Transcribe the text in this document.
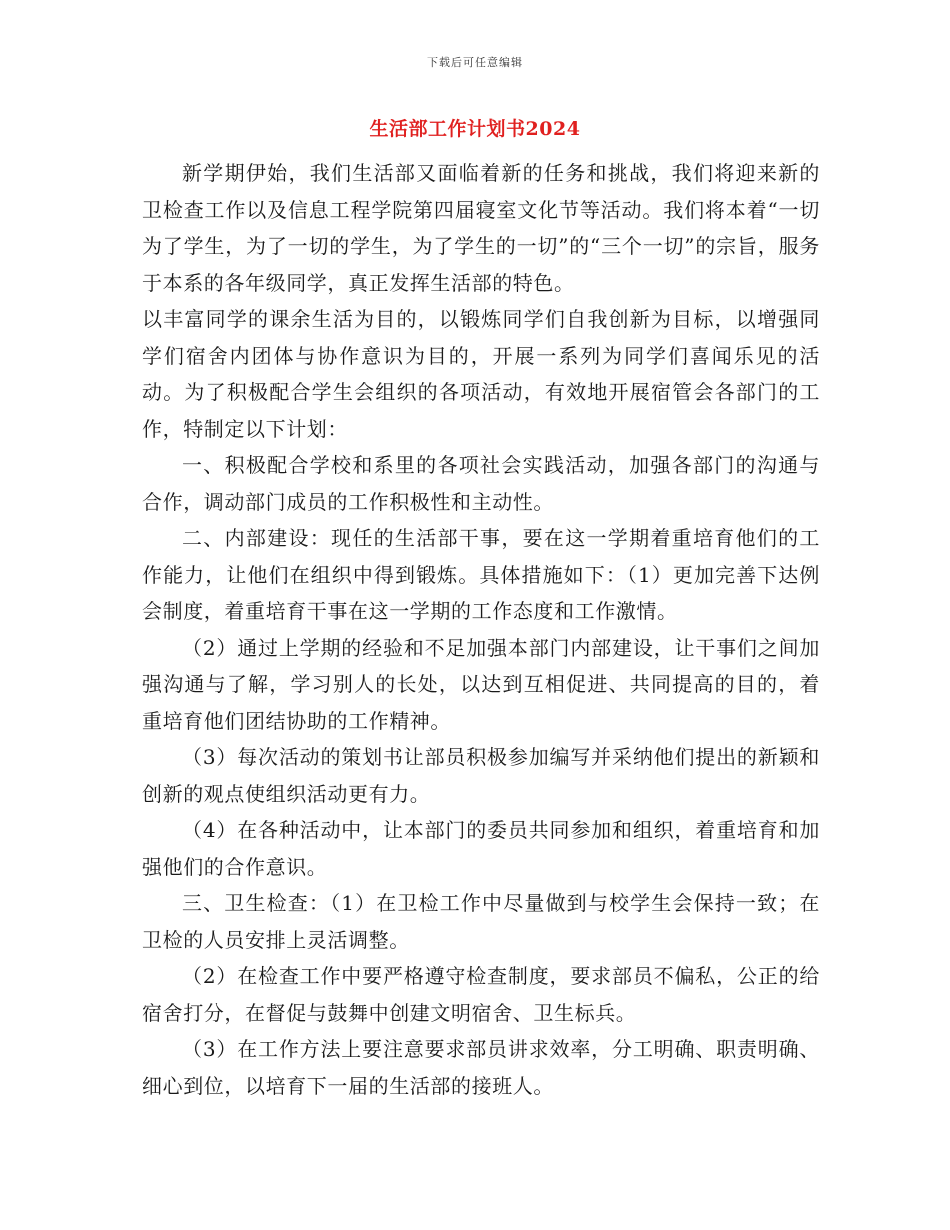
下载后可任意编辑
生活部工作计划书2024

新学期伊始，我们生活部又面临着新的任务和挑战，我们将迎来新的卫检查工作以及信息工程学院第四届寝室文化节等活动。我们将本着“一切为了学生，为了一切的学生，为了学生的一切”的“三个一切”的宗旨，服务于本系的各年级同学，真正发挥生活部的特色。

以丰富同学的课余生活为目的，以锻炼同学们自我创新为目标，以增强同学们宿舍内团体与协作意识为目的，开展一系列为同学们喜闻乐见的活动。为了积极配合学生会组织的各项活动，有效地开展宿管会各部门的工作，特制定以下计划：

一、积极配合学校和系里的各项社会实践活动，加强各部门的沟通与合作，调动部门成员的工作积极性和主动性。

二、内部建设：现任的生活部干事，要在这一学期着重培育他们的工作能力，让他们在组织中得到锻炼。具体措施如下：（1）更加完善下达例会制度，着重培育干事在这一学期的工作态度和工作激情。

（2）通过上学期的经验和不足加强本部门内部建设，让干事们之间加强沟通与了解，学习别人的长处，以达到互相促进、共同提高的目的，着重培育他们团结协助的工作精神。

（3）每次活动的策划书让部员积极参加编写并采纳他们提出的新颖和创新的观点使组织活动更有力。

（4）在各种活动中，让本部门的委员共同参加和组织，着重培育和加强他们的合作意识。

三、卫生检查：（1）在卫检工作中尽量做到与校学生会保持一致；在卫检的人员安排上灵活调整。

（2）在检查工作中要严格遵守检查制度，要求部员不偏私，公正的给宿舍打分，在督促与鼓舞中创建文明宿舍、卫生标兵。

（3）在工作方法上要注意要求部员讲求效率，分工明确、职责明确、细心到位，以培育下一届的生活部的接班人。
